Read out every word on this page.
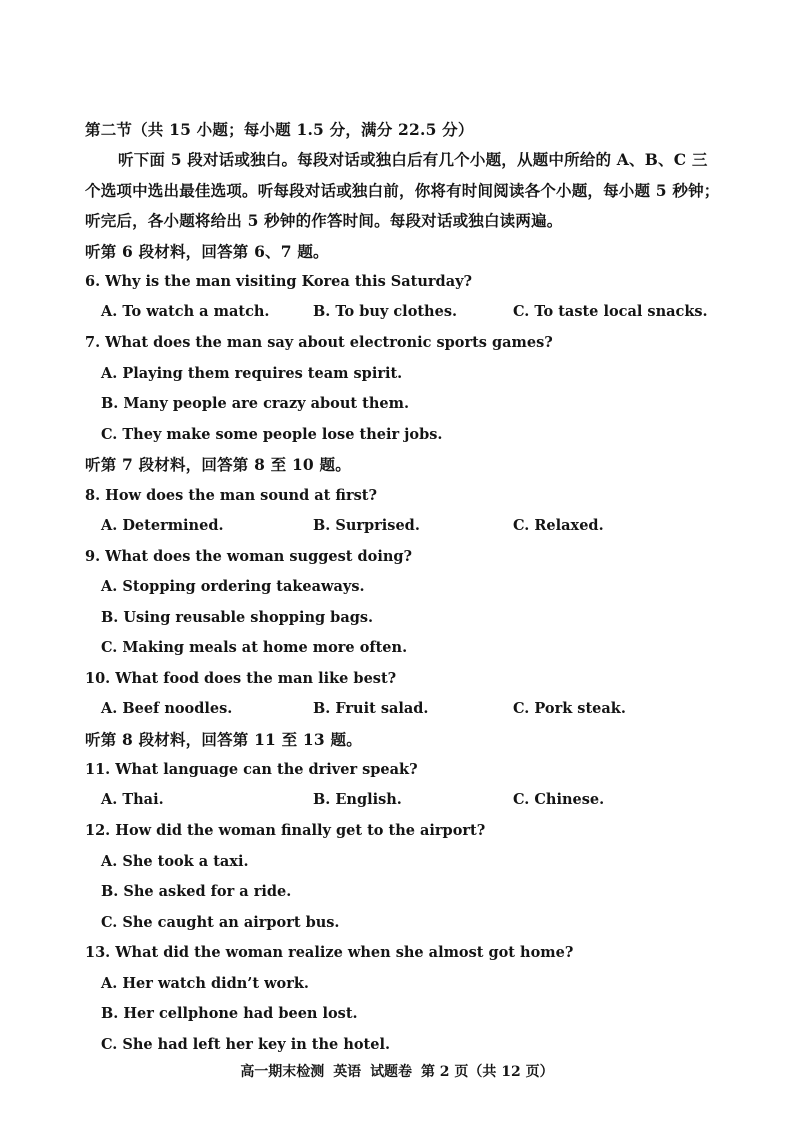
第二节（共 15 小题；每小题 1.5 分，满分 22.5 分）
听下面 5 段对话或独白。每段对话或独白后有几个小题，从题中所给的 A、B、C 三
个选项中选出最佳选项。听每段对话或独白前，你将有时间阅读各个小题，每小题 5 秒钟；
听完后，各小题将给出 5 秒钟的作答时间。每段对话或独白读两遍。
听第 6 段材料，回答第 6、7 题。
6. Why is the man visiting Korea this Saturday?
A. To watch a match.	B. To buy clothes.	C. To taste local snacks.
7. What does the man say about electronic sports games?
A. Playing them requires team spirit.
B. Many people are crazy about them.
C. They make some people lose their jobs.
听第 7 段材料，回答第 8 至 10 题。
8. How does the man sound at first?
A. Determined.	B. Surprised.	C. Relaxed.
9. What does the woman suggest doing?
A. Stopping ordering takeaways.
B. Using reusable shopping bags.
C. Making meals at home more often.
10. What food does the man like best?
A. Beef noodles.	B. Fruit salad.	C. Pork steak.
听第 8 段材料，回答第 11 至 13 题。
11. What language can the driver speak?
A. Thai.	B. English.	C. Chinese.
12. How did the woman finally get to the airport?
A. She took a taxi.
B. She asked for a ride.
C. She caught an airport bus.
13. What did the woman realize when she almost got home?
A. Her watch didn’t work.
B. Her cellphone had been lost.
C. She had left her key in the hotel.
高一期末检测 英语 试题卷 第 2 页（共 12 页）
